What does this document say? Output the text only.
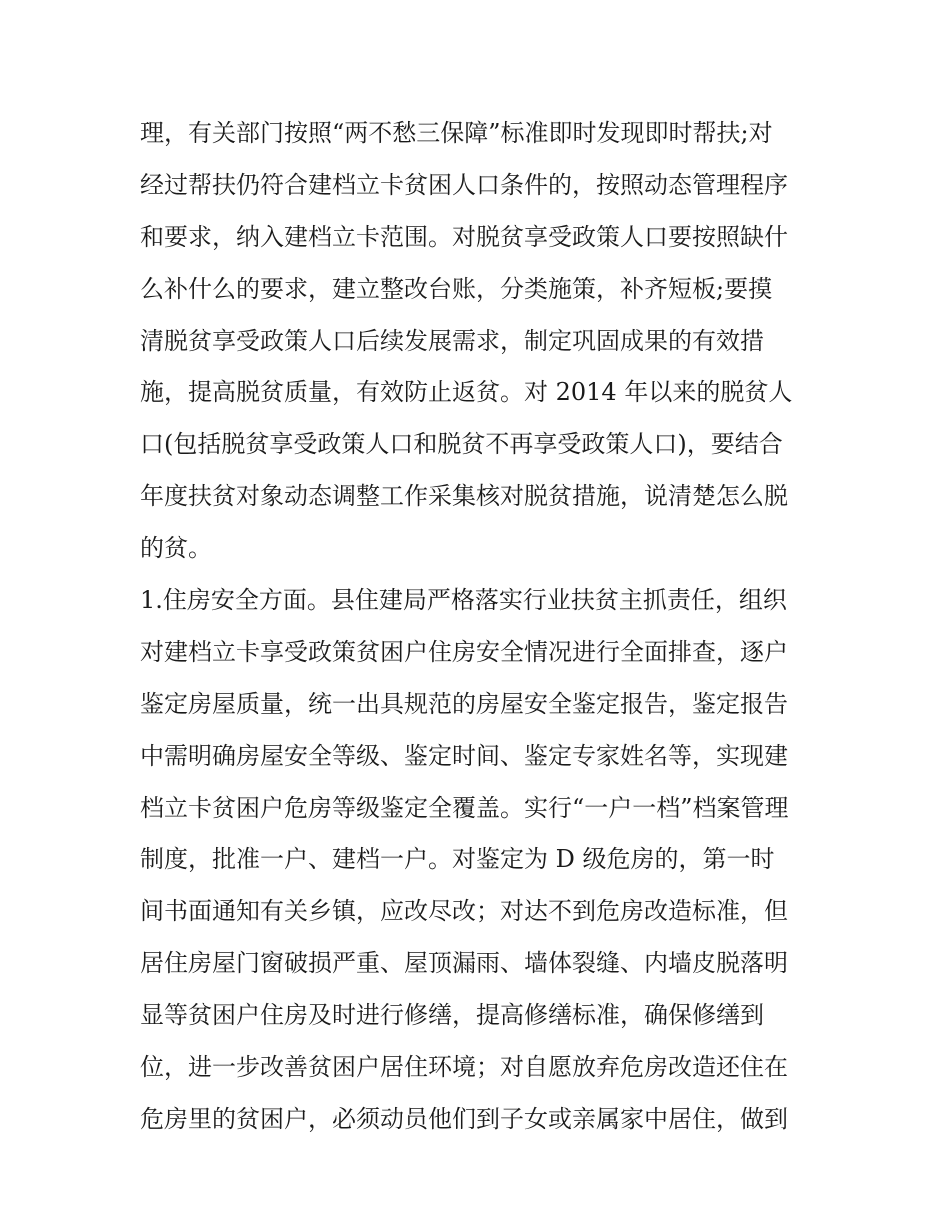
理，有关部门按照“两不愁三保障”标准即时发现即时帮扶;对
经过帮扶仍符合建档立卡贫困人口条件的，按照动态管理程序
和要求，纳入建档立卡范围。对脱贫享受政策人口要按照缺什
么补什么的要求，建立整改台账，分类施策，补齐短板;要摸
清脱贫享受政策人口后续发展需求，制定巩固成果的有效措
施，提高脱贫质量，有效防止返贫。对 2014 年以来的脱贫人
口(包括脱贫享受政策人口和脱贫不再享受政策人口)，要结合
年度扶贫对象动态调整工作采集核对脱贫措施，说清楚怎么脱
的贫。
1.住房安全方面。县住建局严格落实行业扶贫主抓责任，组织
对建档立卡享受政策贫困户住房安全情况进行全面排查，逐户
鉴定房屋质量，统一出具规范的房屋安全鉴定报告，鉴定报告
中需明确房屋安全等级、鉴定时间、鉴定专家姓名等，实现建
档立卡贫困户危房等级鉴定全覆盖。实行“一户一档”档案管理
制度，批准一户、建档一户。对鉴定为 D 级危房的，第一时
间书面通知有关乡镇，应改尽改；对达不到危房改造标准，但
居住房屋门窗破损严重、屋顶漏雨、墙体裂缝、内墙皮脱落明
显等贫困户住房及时进行修缮，提高修缮标准，确保修缮到
位，进一步改善贫困户居住环境；对自愿放弃危房改造还住在
危房里的贫困户，必须动员他们到子女或亲属家中居住，做到
